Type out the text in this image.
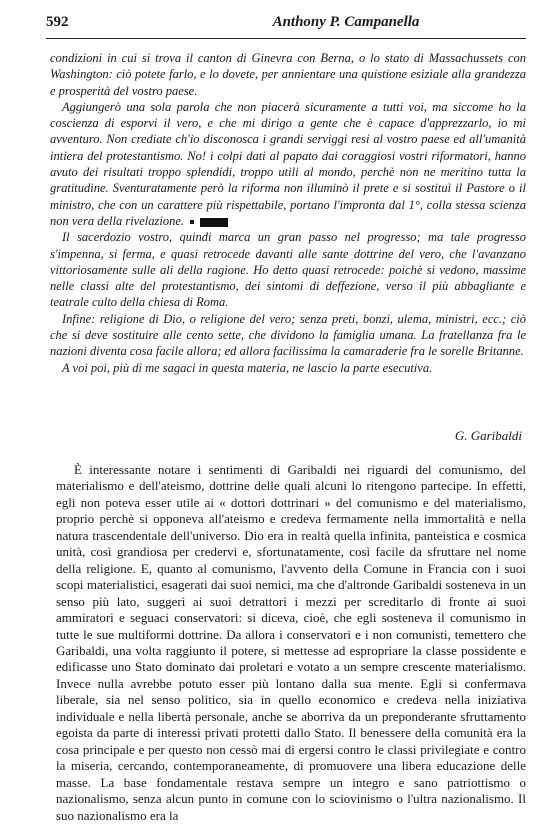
592	Anthony P. Campanella

condizioni in cui si trova il canton di Ginevra con Berna, o lo stato di Massachussets con Washington: ciò potete farlo, e lo dovete, per annientare una quistione esiziale alla grandezza e prosperità del vostro paese.

Aggiungerò una sola parola che non piacerà sicuramente a tutti voi, ma siccome ho la coscienza di esporvi il vero, e che mi dirigo a gente che è capace d'apprezzarlo, io mi avventuro. Non crediate ch'io disconosca i grandi serviggi resi al vostro paese ed all'umanità intiera del protestantismo. No! i colpi dati al papato dai coraggiosi vostri riformatori, hanno avuto dei risultati troppo splendidi, troppo utili al mondo, perchè non ne meritino tutta la gratitudine. Sventuratamente però la riforma non illuminò il prete e si sostituì il Pastore o il ministro, che con un carattere più rispettabile, portano l'impronta dal 1°, colla stessa scienza non vera della rivelazione.

Il sacerdozio vostro, quindi marca un gran passo nel progresso; ma tale progresso s'impenna, si ferma, e quasi retrocede davanti alle sante dottrine del vero, che l'avanzano vittoriosamente sulle ali della ragione. Ho detto quasi retrocede: poichè si vedono, massime nelle classi alte del protestantismo, dei sintomi di deffezione, verso il più abbagliante e teatrale culto della chiesa di Roma.

Infine: religione di Dio, o religione del vero; senza preti, bonzi, ulema, ministri, ecc.; ciò che si deve sostituire alle cento sette, che dividono la famiglia umana. La fratellanza fra le nazioni diventa cosa facile allora; ed allora facilissima la camaraderie fra le sorelle Britanne.

A voi poi, più di me sagaci in questa materia, ne lascio la parte esecutiva.

G. Garibaldi

È interessante notare i sentimenti di Garibaldi nei riguardi del comunismo, del materialismo e dell'ateismo, dottrine delle quali alcuni lo ritengono partecipe. In effetti, egli non poteva esser utile ai « dottori dottrinari » del comunismo e del materialismo, proprio perchè si opponeva all'ateismo e credeva fermamente nella immortalità e nella natura trascendentale dell'universo. Dio era in realtà quella infinita, panteistica e cosmica unità, così grandiosa per credervi e, sfortunatamente, così facile da sfruttare nel nome della religione. E, quanto al comunismo, l'avvento della Comune in Francia con i suoi scopi materialistici, esagerati dai suoi nemici, ma che d'altronde Garibaldi sosteneva in un senso più lato, suggerì ai suoi detrattori i mezzi per screditarlo di fronte ai suoi ammiratori e seguaci conservatori: si diceva, cioè, che egli sosteneva il comunismo in tutte le sue multiformi dottrine. Da allora i conservatori e i non comunisti, temettero che Garibaldi, una volta raggiunto il potere, si mettesse ad espropriare la classe possidente e edificasse uno Stato dominato dai proletari e votato a un sempre crescente materialismo. Invece nulla avrebbe potuto esser più lontano dalla sua mente. Egli si confermava liberale, sia nel senso politico, sia in quello economico e credeva nella iniziativa individuale e nella libertà personale, anche se aborriva da un preponderante sfruttamento egoista da parte di interessi privati protetti dallo Stato. Il benessere della comunità era la cosa principale e per questo non cessò mai di ergersi contro le classi privilegiate e contro la miseria, cercando, contemporaneamente, di promuovere una libera educazione delle masse. La base fondamentale restava sempre un integro e sano patriottismo o nazionalismo, senza alcun punto in comune con lo sciovinismo o l'ultra nazionalismo. Il suo nazionalismo era la
